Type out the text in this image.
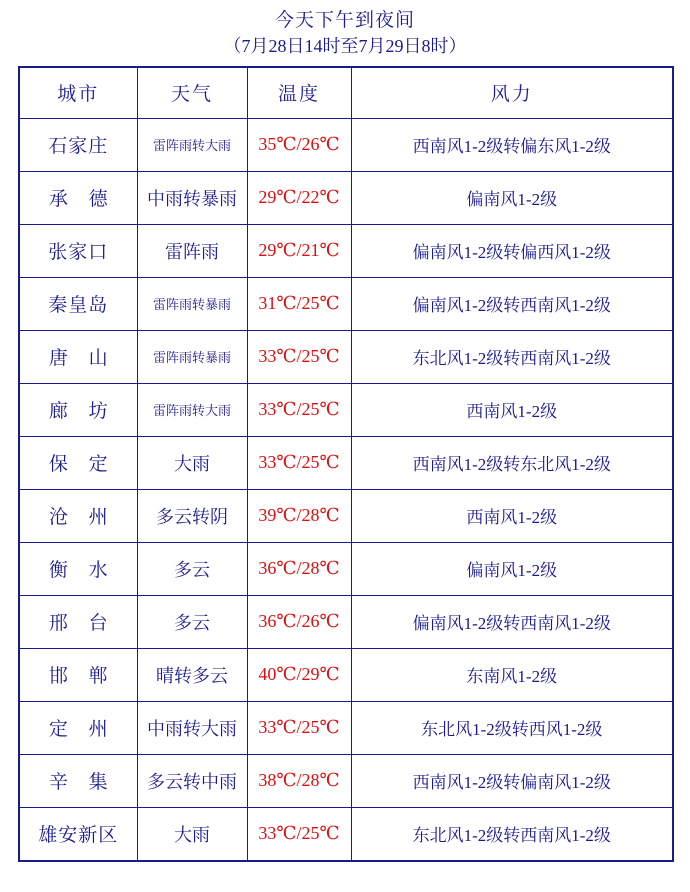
今天下午到夜间
（7月28日14时至7月29日8时）
城市	天气	温度	风力

石家庄	雷阵雨转大雨	35℃/26℃	西南风1-2级转偏东风1-2级

承 德	中雨转暴雨	29℃/22℃	偏南风1-2级

张家口	雷阵雨	29℃/21℃	偏南风1-2级转偏西风1-2级

秦皇岛	雷阵雨转暴雨	31℃/25℃	偏南风1-2级转西南风1-2级

唐 山	雷阵雨转暴雨	33℃/25℃	东北风1-2级转西南风1-2级

廊 坊	雷阵雨转大雨	33℃/25℃	西南风1-2级

保 定	大雨	33℃/25℃	西南风1-2级转东北风1-2级

沧 州	多云转阴	39℃/28℃	西南风1-2级

衡 水	多云	36℃/28℃	偏南风1-2级

邢 台	多云	36℃/26℃	偏南风1-2级转西南风1-2级

邯 郸	晴转多云	40℃/29℃	东南风1-2级

定 州	中雨转大雨	33℃/25℃	东北风1-2级转西风1-2级

辛 集	多云转中雨	38℃/28℃	西南风1-2级转偏南风1-2级

雄安新区	大雨	33℃/25℃	东北风1-2级转西南风1-2级
